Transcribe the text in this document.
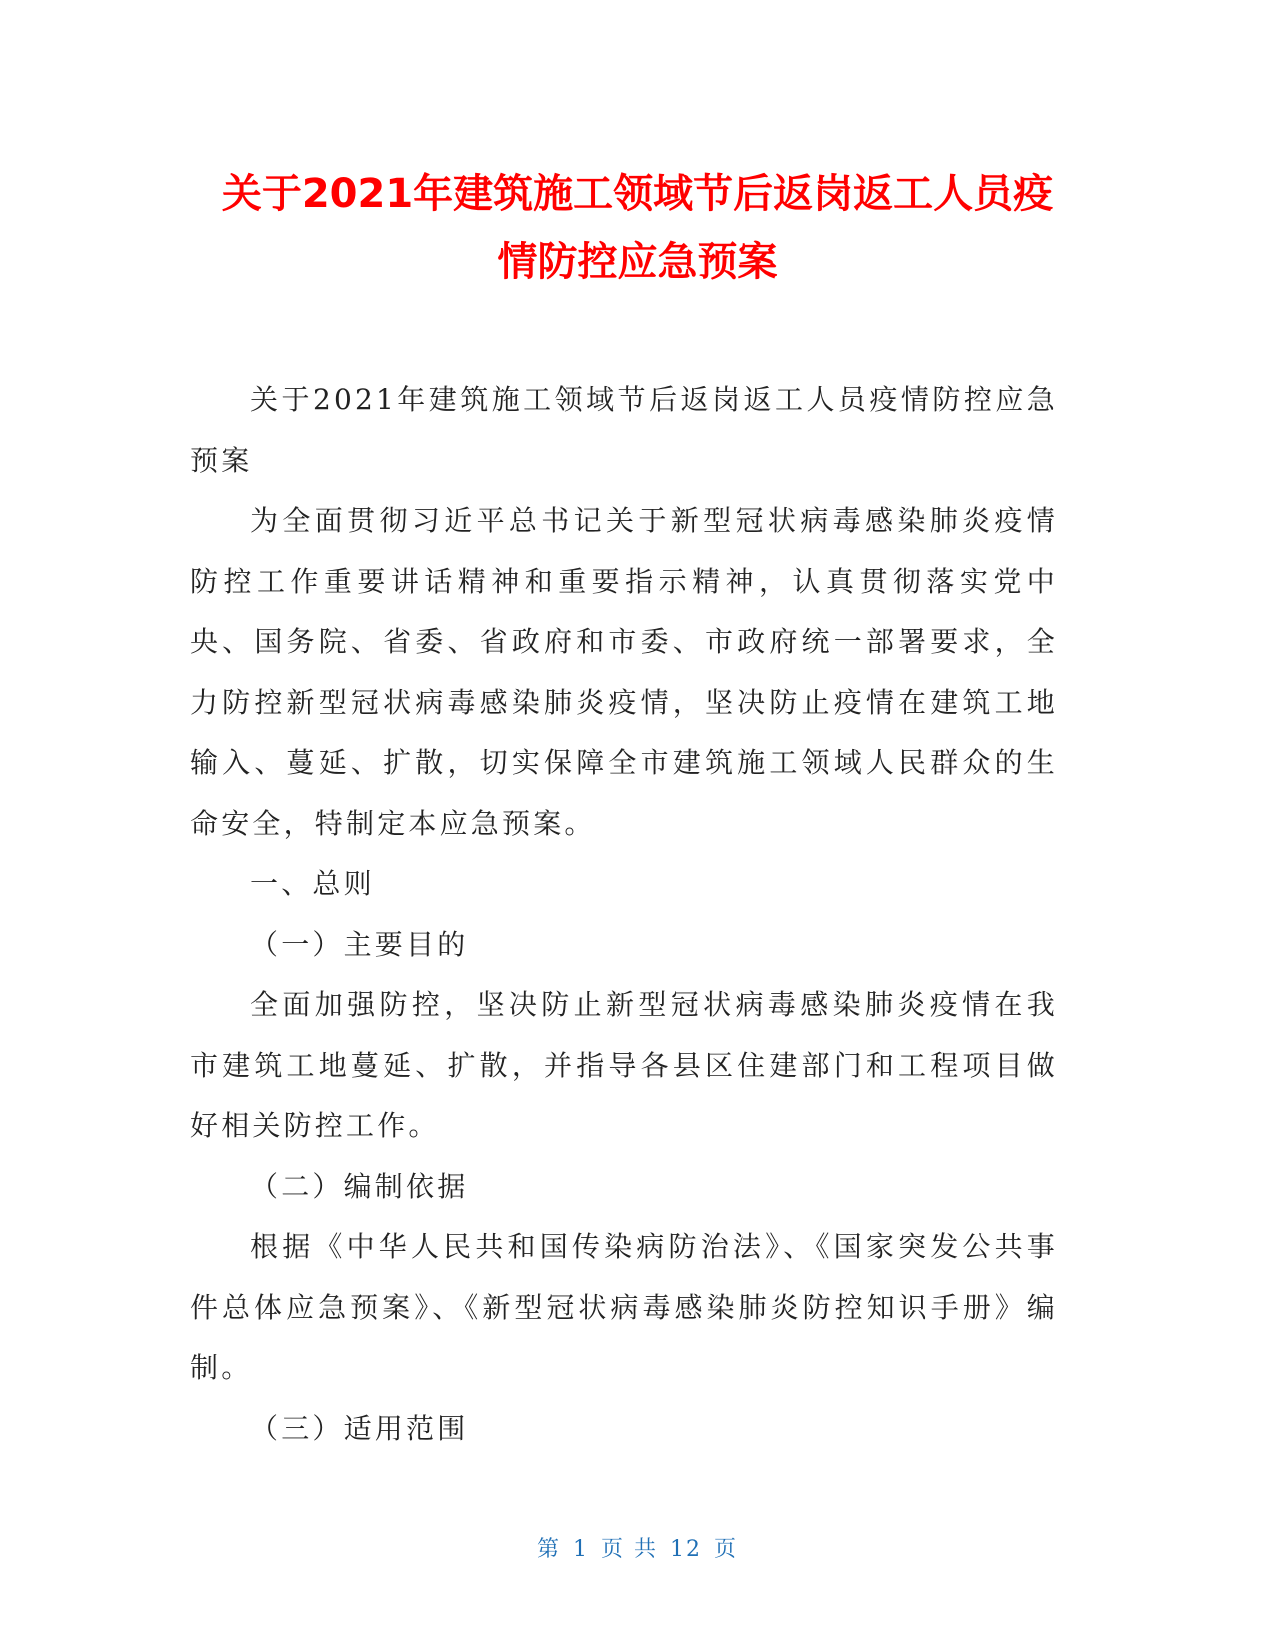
关于2021年建筑施工领域节后返岗返工人员疫
情防控应急预案

关于2021年建筑施工领域节后返岗返工人员疫情防控应急预案

为全面贯彻习近平总书记关于新型冠状病毒感染肺炎疫情防控工作重要讲话精神和重要指示精神，认真贯彻落实党中央、国务院、省委、省政府和市委、市政府统一部署要求，全力防控新型冠状病毒感染肺炎疫情，坚决防止疫情在建筑工地输入、蔓延、扩散，切实保障全市建筑施工领域人民群众的生命安全，特制定本应急预案。

一、总则

（一）主要目的

全面加强防控，坚决防止新型冠状病毒感染肺炎疫情在我市建筑工地蔓延、扩散，并指导各县区住建部门和工程项目做好相关防控工作。

（二）编制依据

根据《中华人民共和国传染病防治法》、《国家突发公共事件总体应急预案》、《新型冠状病毒感染肺炎防控知识手册》编制。

（三）适用范围

第 1 页 共 12 页
